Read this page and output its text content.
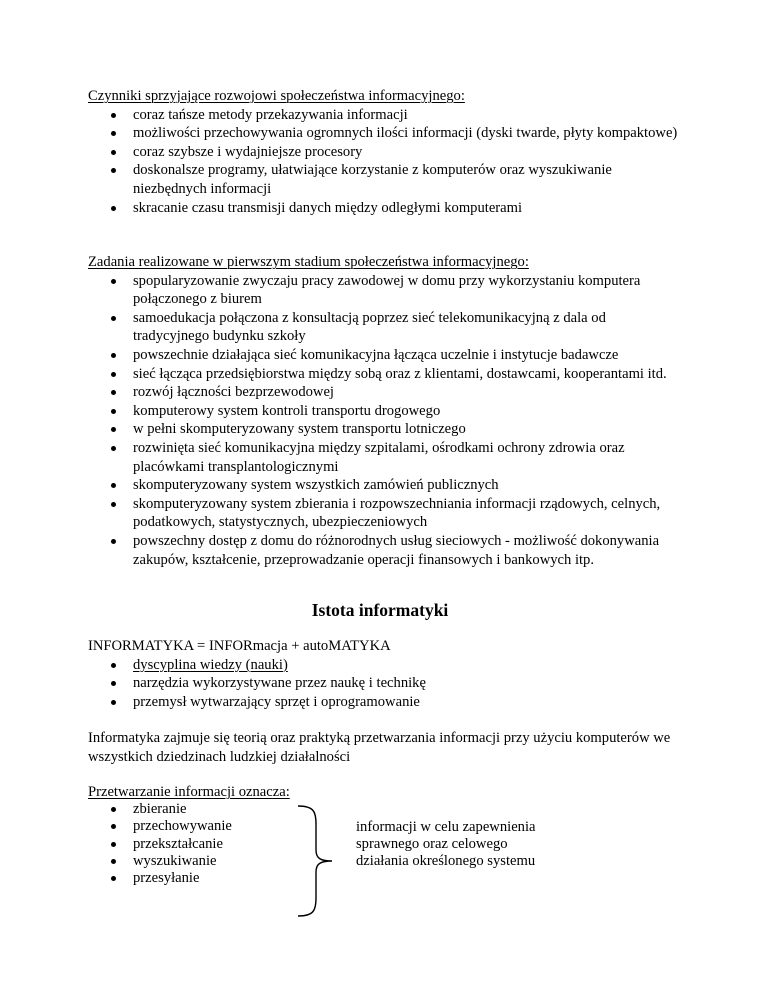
Czynniki sprzyjające rozwojowi społeczeństwa informacyjnego:
coraz tańsze metody przekazywania informacji
możliwości przechowywania ogromnych ilości informacji (dyski twarde, płyty kompaktowe)
coraz szybsze i wydajniejsze procesory
doskonalsze programy, ułatwiające korzystanie z komputerów oraz wyszukiwanie niezbędnych informacji
skracanie czasu transmisji danych między odległymi komputerami
Zadania realizowane w pierwszym stadium społeczeństwa informacyjnego:
spopularyzowanie zwyczaju pracy zawodowej w domu przy wykorzystaniu komputera połączonego z biurem
samoedukacja połączona z konsultacją poprzez sieć telekomunikacyjną z dala od tradycyjnego budynku szkoły
powszechnie działająca sieć komunikacyjna łącząca uczelnie i instytucje badawcze
sieć łącząca przedsiębiorstwa między sobą oraz z klientami, dostawcami, kooperantami itd.
rozwój łączności bezprzewodowej
komputerowy system kontroli transportu drogowego
w pełni skomputeryzowany system transportu lotniczego
rozwinięta sieć komunikacyjna między szpitalami, ośrodkami ochrony zdrowia oraz placówkami transplantologicznymi
skomputeryzowany system wszystkich zamówień publicznych
skomputeryzowany system zbierania i rozpowszechniania informacji rządowych, celnych, podatkowych, statystycznych, ubezpieczeniowych
powszechny dostęp z domu do różnorodnych usług sieciowych - możliwość dokonywania zakupów, kształcenie, przeprowadzanie operacji finansowych i bankowych itp.
Istota informatyki
INFORMATYKA = INFORmacja + autoMATYKA
dyscyplina wiedzy (nauki)
narzędzia wykorzystywane przez naukę i technikę
przemysł wytwarzający sprzęt i oprogramowanie
Informatyka zajmuje się teorią oraz praktyką przetwarzania informacji przy użyciu komputerów we wszystkich dziedzinach ludzkiej działalności
Przetwarzanie informacji oznacza:
zbieranie
przechowywanie
przekształcanie
wyszukiwanie
przesyłanie
informacji w celu zapewnienia
sprawnego oraz celowego
działania określonego systemu
